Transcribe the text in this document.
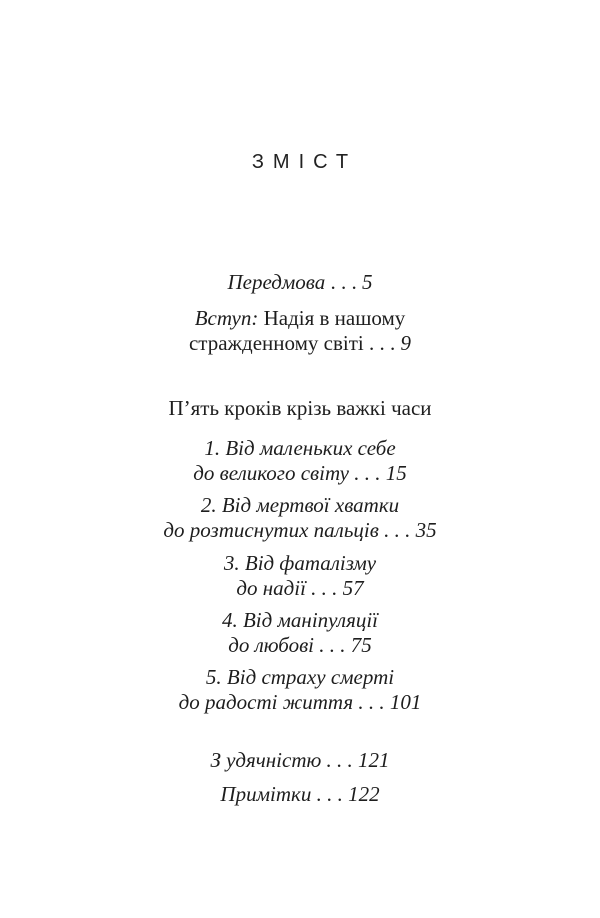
ЗМІСТ
Передмова . . . 5
Вступ: Надія в нашому
стражденному світі . . . 9
П’ять кроків крізь важкі часи
1. Від маленьких себе
до великого світу . . . 15
2. Від мертвої хватки
до розтиснутих пальців . . . 35
3. Від фаталізму
до надії . . . 57
4. Від маніпуляції
до любові . . . 75
5. Від страху смерті
до радості життя . . . 101
З удячністю . . . 121
Примітки . . . 122
